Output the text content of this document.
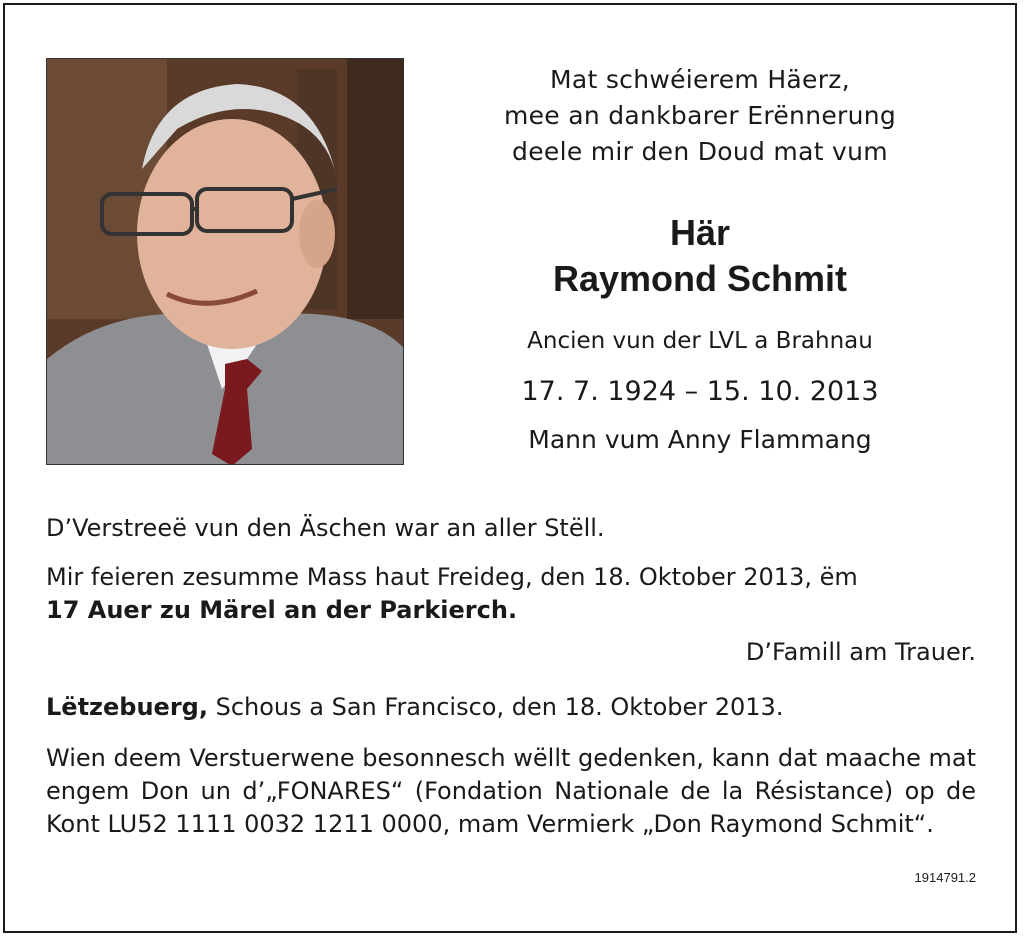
Mat schwéierem Häerz,
mee an dankbarer Erënnerung
deele mir den Doud mat vum
Här
Raymond Schmit
Ancien vun der LVL a Brahnau
17. 7. 1924 – 15. 10. 2013
Mann vum Anny Flammang
D’Verstreeë vun den Äschen war an aller Stëll.
Mir feieren zesumme Mass haut Freideg, den 18. Oktober 2013, ëm
17 Auer zu Märel an der Parkierch.
D’Famill am Trauer.
Lëtzebuerg, Schous a San Francisco, den 18. Oktober 2013.
Wien deem Verstuerwene besonnesch wëllt gedenken, kann dat maache mat engem Don un d’„FONARES“ (Fondation Nationale de la Résistance) op de Kont LU52 1111 0032 1211 0000, mam Vermierk „Don Raymond Schmit“.
1914791.2
